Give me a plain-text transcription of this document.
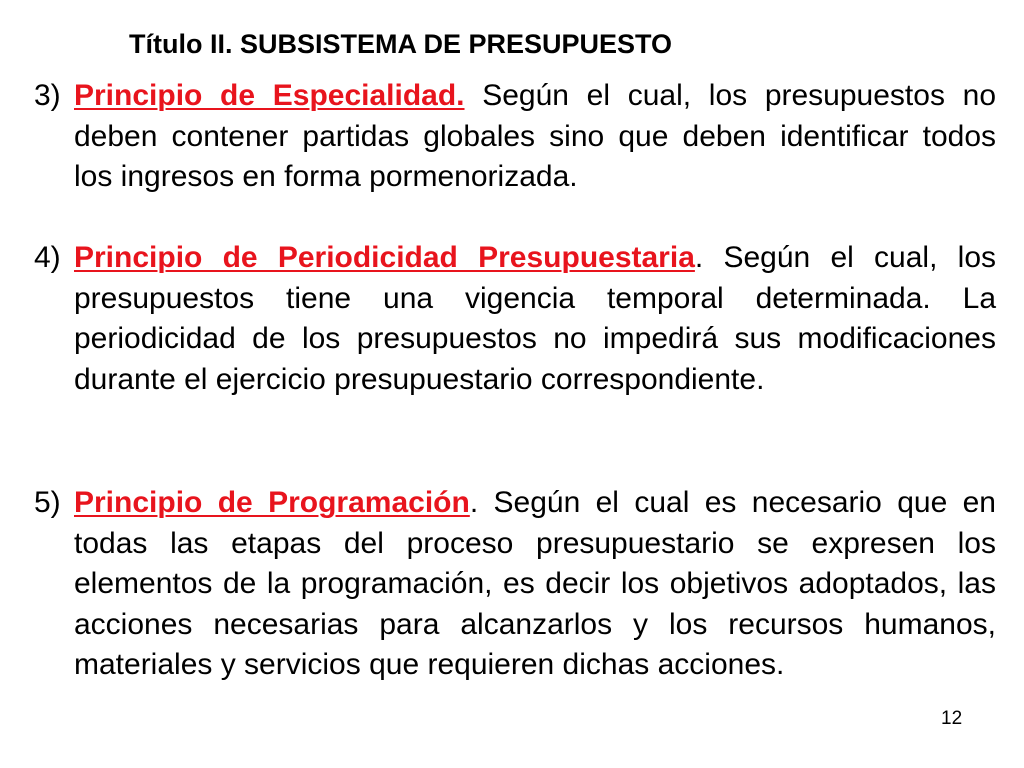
Título II. SUBSISTEMA DE PRESUPUESTO
3) Principio de Especialidad. Según el cual, los presupuestos no deben contener partidas globales sino que deben identificar todos los ingresos en forma pormenorizada.
4) Principio de Periodicidad Presupuestaria. Según el cual, los presupuestos tiene una vigencia temporal determinada. La periodicidad de los presupuestos no impedirá sus modificaciones durante el ejercicio presupuestario correspondiente.
5) Principio de Programación. Según el cual es necesario que en todas las etapas del proceso presupuestario se expresen los elementos de la programación, es decir los objetivos adoptados, las acciones necesarias para alcanzarlos y los recursos humanos, materiales y servicios que requieren dichas acciones.
12
